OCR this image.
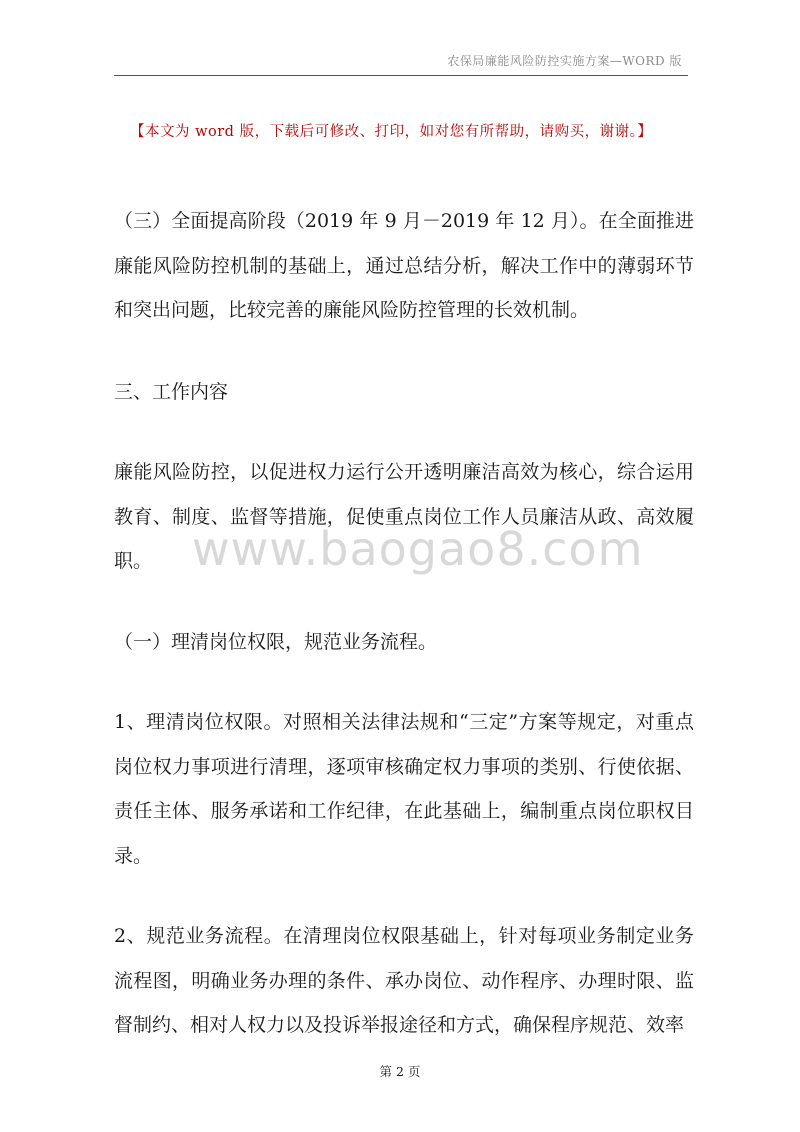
农保局廉能风险防控实施方案—WORD 版
【本文为 word 版，下载后可修改、打印，如对您有所帮助，请购买，谢谢。】
www.baogao8.com

（三）全面提高阶段（2019 年 9 月－2019 年 12 月）。在全面推进廉能风险防控机制的基础上，通过总结分析，解决工作中的薄弱环节和突出问题，比较完善的廉能风险防控管理的长效机制。

三、工作内容

廉能风险防控，以促进权力运行公开透明廉洁高效为核心，综合运用教育、制度、监督等措施，促使重点岗位工作人员廉洁从政、高效履职。

（一）理清岗位权限，规范业务流程。

1、理清岗位权限。对照相关法律法规和“三定”方案等规定，对重点岗位权力事项进行清理，逐项审核确定权力事项的类别、行使依据、责任主体、服务承诺和工作纪律，在此基础上，编制重点岗位职权目录。

2、规范业务流程。在清理岗位权限基础上，针对每项业务制定业务流程图，明确业务办理的条件、承办岗位、动作程序、办理时限、监督制约、相对人权力以及投诉举报途径和方式，确保程序规范、效率

第 2 页
